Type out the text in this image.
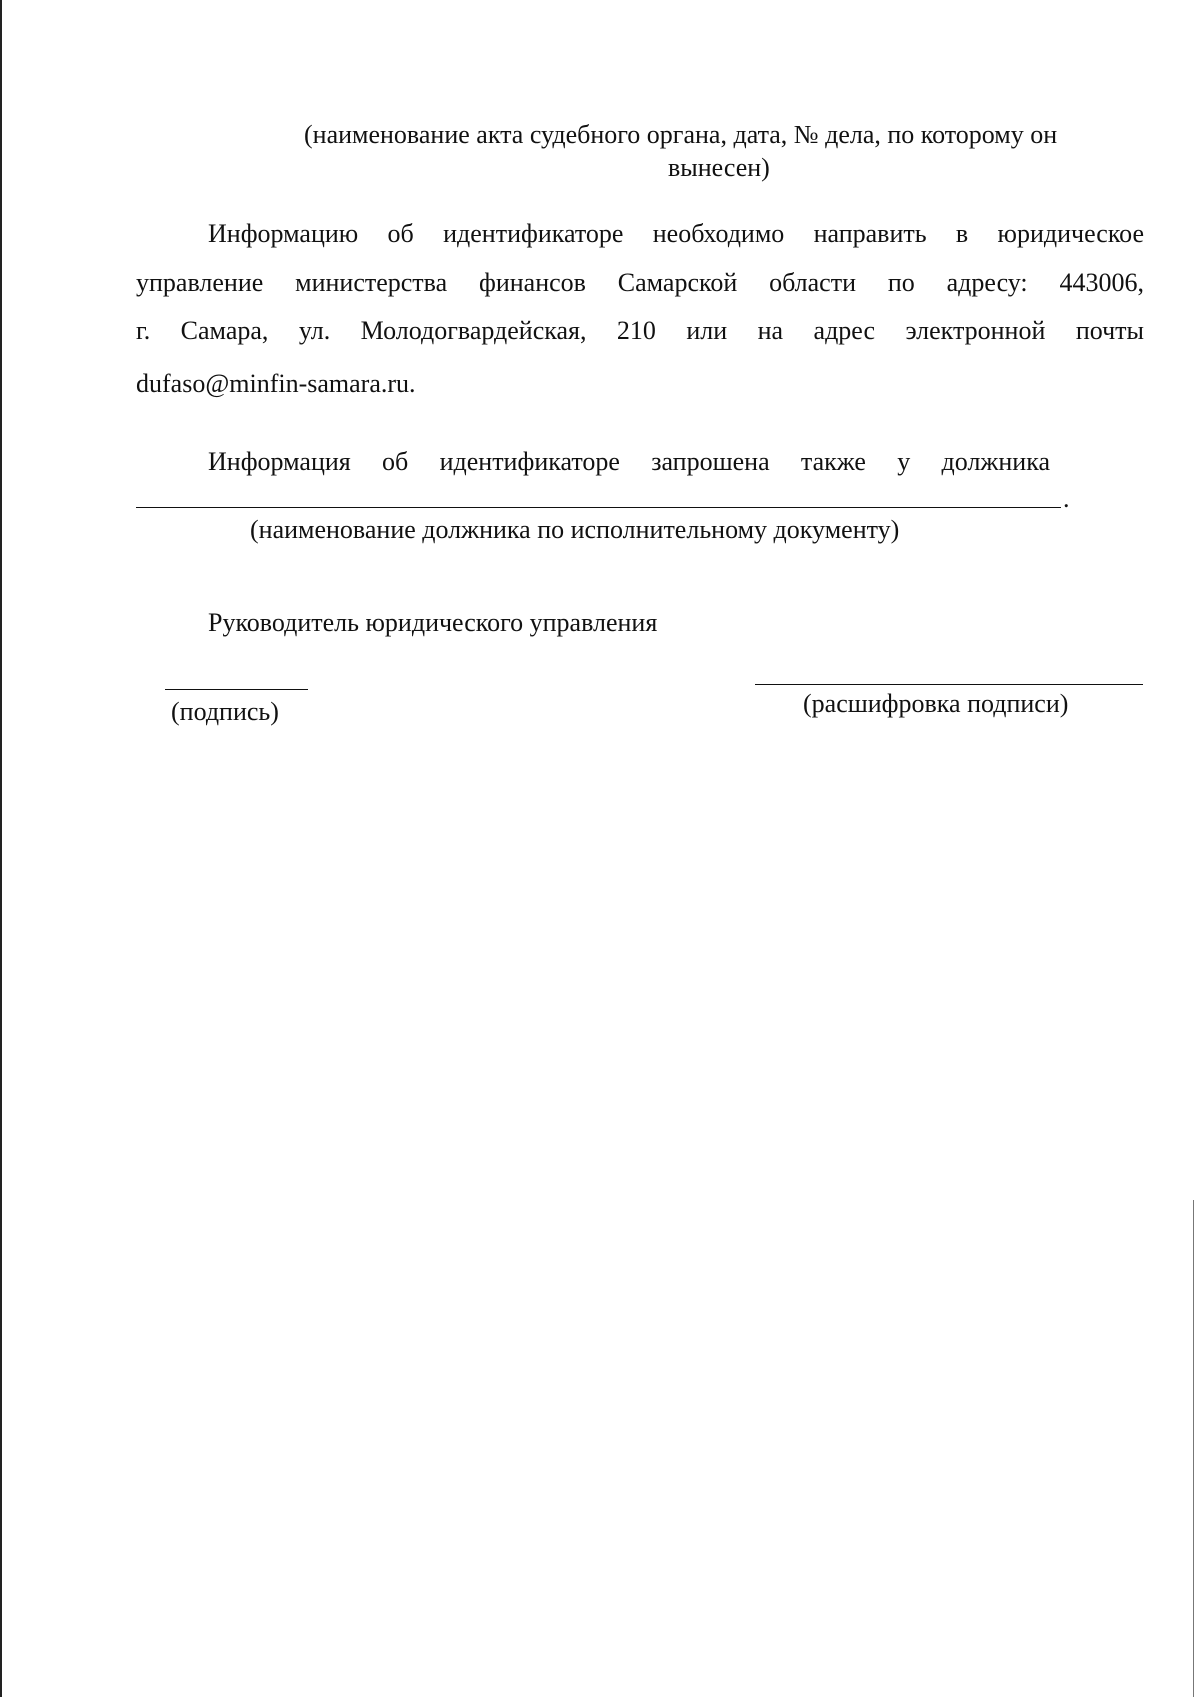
(наименование акта судебного органа, дата, № дела, по которому он
вынесен)
Информацию об идентификаторе необходимо направить в юридическое
управление министерства финансов Самарской области по адресу: 443006,
г. Самара, ул. Молодогвардейская, 210 или на адрес электронной почты
dufaso@minfin-samara.ru.
Информация об идентификаторе запрошена также у должника
.
(наименование должника по исполнительному документу)
Руководитель юридического управления
(подпись)	(расшифровка подписи)
